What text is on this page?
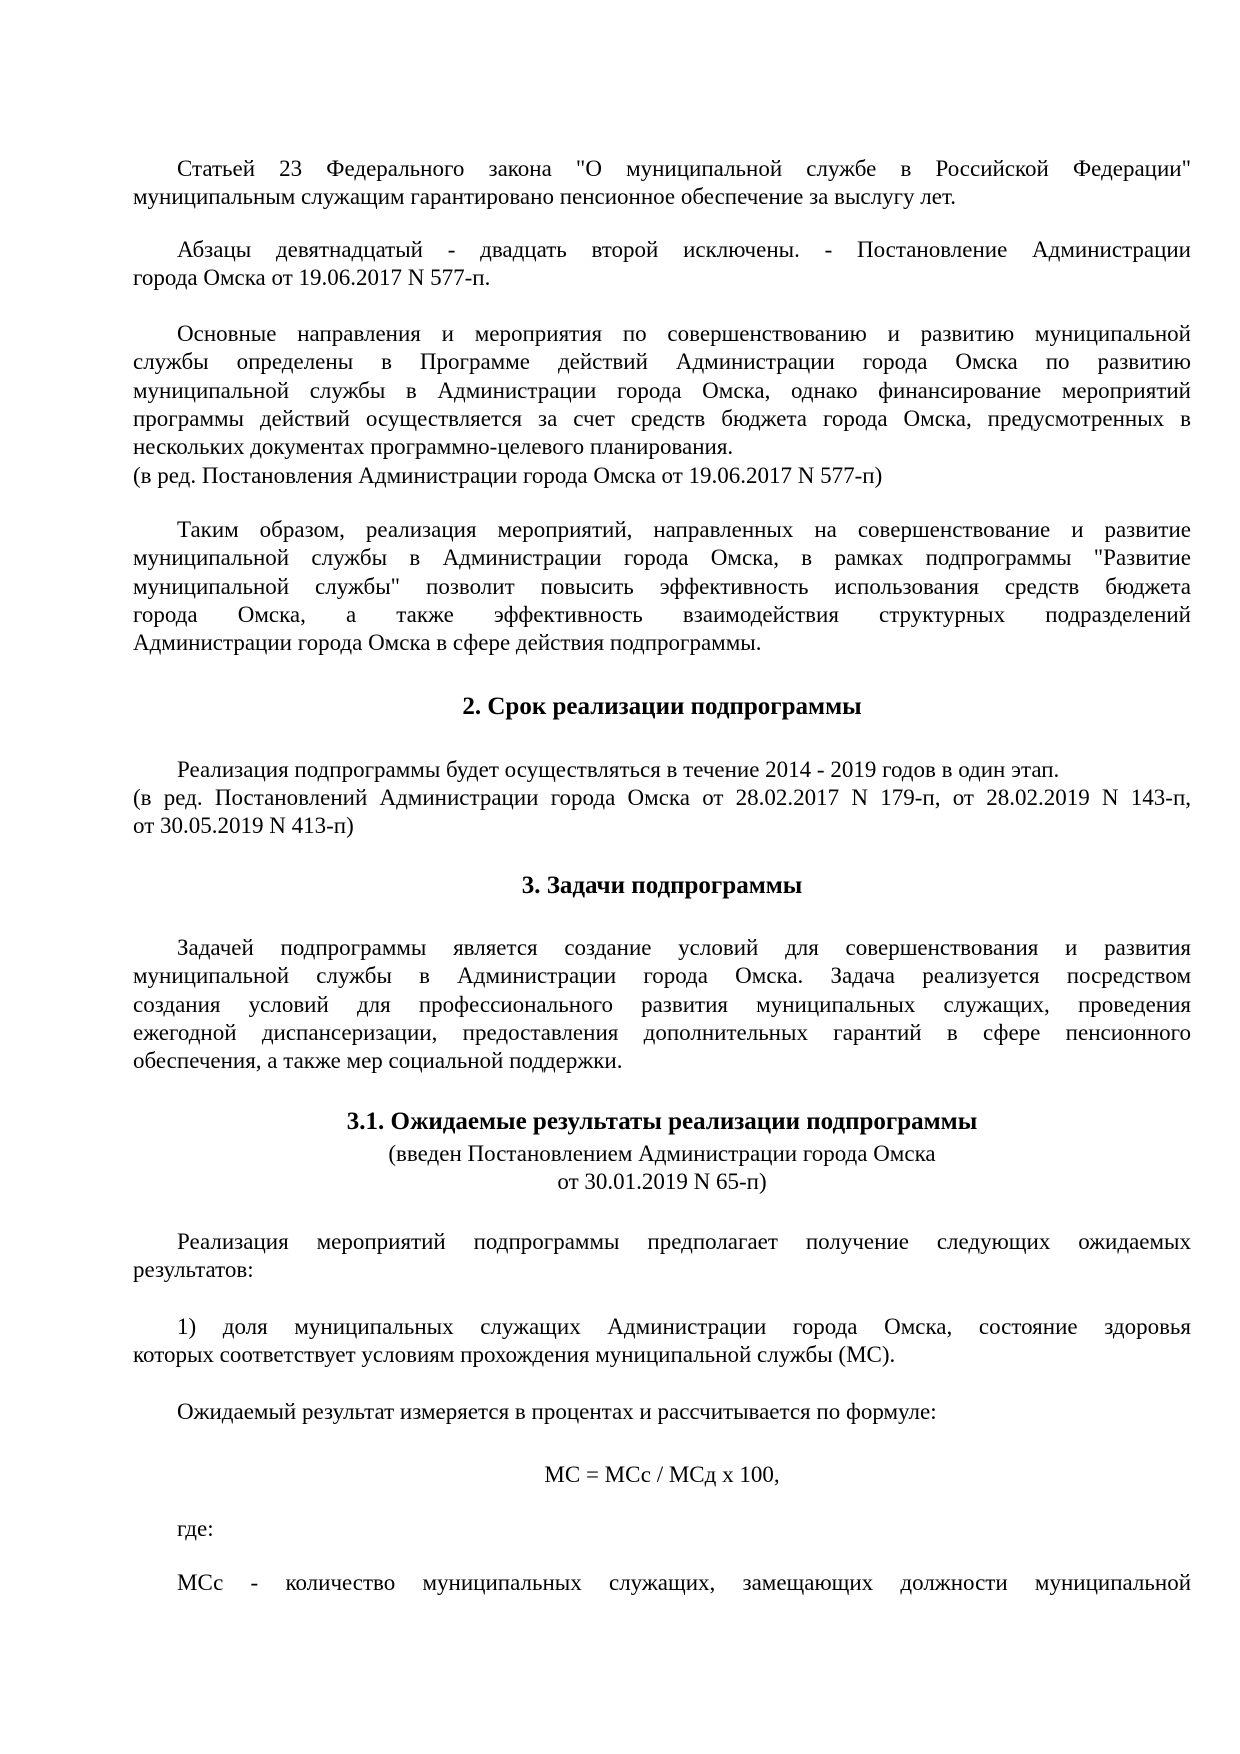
Статьей 23 Федерального закона "О муниципальной службе в Российской Федерации"
муниципальным служащим гарантировано пенсионное обеспечение за выслугу лет.
Абзацы девятнадцатый - двадцать второй исключены. - Постановление Администрации
города Омска от 19.06.2017 N 577-п.
Основные направления и мероприятия по совершенствованию и развитию муниципальной
службы определены в Программе действий Администрации города Омска по развитию
муниципальной службы в Администрации города Омска, однако финансирование мероприятий
программы действий осуществляется за счет средств бюджета города Омска, предусмотренных в
нескольких документах программно-целевого планирования.
(в ред. Постановления Администрации города Омска от 19.06.2017 N 577-п)
Таким образом, реализация мероприятий, направленных на совершенствование и развитие
муниципальной службы в Администрации города Омска, в рамках подпрограммы "Развитие
муниципальной службы" позволит повысить эффективность использования средств бюджета
города Омска, а также эффективность взаимодействия структурных подразделений
Администрации города Омска в сфере действия подпрограммы.
2. Срок реализации подпрограммы
Реализация подпрограммы будет осуществляться в течение 2014 - 2019 годов в один этап.
(в ред. Постановлений Администрации города Омска от 28.02.2017 N 179-п, от 28.02.2019 N 143-п,
от 30.05.2019 N 413-п)
3. Задачи подпрограммы
Задачей подпрограммы является создание условий для совершенствования и развития
муниципальной службы в Администрации города Омска. Задача реализуется посредством
создания условий для профессионального развития муниципальных служащих, проведения
ежегодной диспансеризации, предоставления дополнительных гарантий в сфере пенсионного
обеспечения, а также мер социальной поддержки.
3.1. Ожидаемые результаты реализации подпрограммы
(введен Постановлением Администрации города Омска
от 30.01.2019 N 65-п)
Реализация мероприятий подпрограммы предполагает получение следующих ожидаемых
результатов:
1) доля муниципальных служащих Администрации города Омска, состояние здоровья
которых соответствует условиям прохождения муниципальной службы (МС).
Ожидаемый результат измеряется в процентах и рассчитывается по формуле:
МС = МСс / МСд х 100,
где:
МСс - количество муниципальных служащих, замещающих должности муниципальной
